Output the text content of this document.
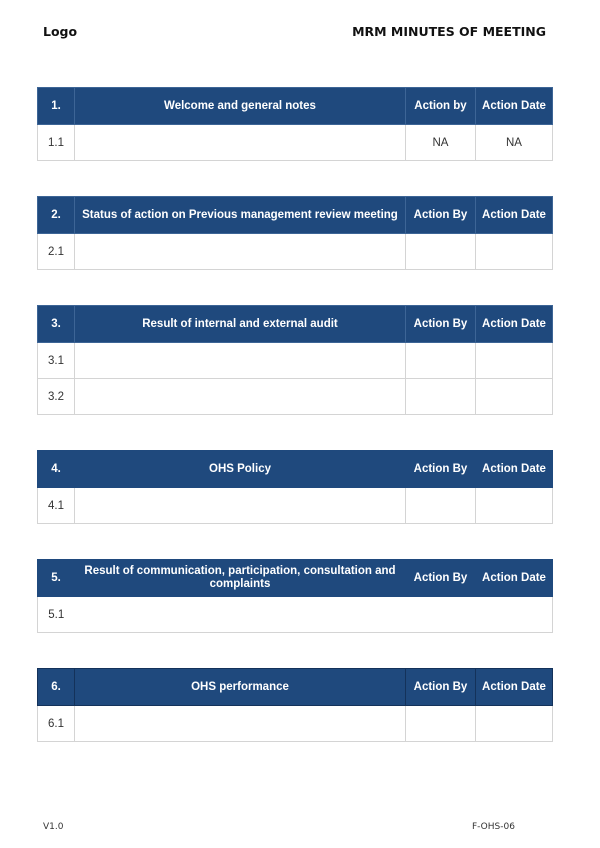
Logo	MRM MINUTES OF MEETING
1.	Welcome and general notes	Action by	Action Date
1.1		NA	NA
2.	Status of action on Previous management review meeting	Action By	Action Date
2.1			
3.	Result of internal and external audit	Action By	Action Date
3.1			
3.2			
4.	OHS Policy	Action By	Action Date
4.1			
5.	Result of communication, participation, consultation and complaints	Action By	Action Date
5.1			
6.	OHS performance	Action By	Action Date
6.1			
V1.0	F-OHS-06
